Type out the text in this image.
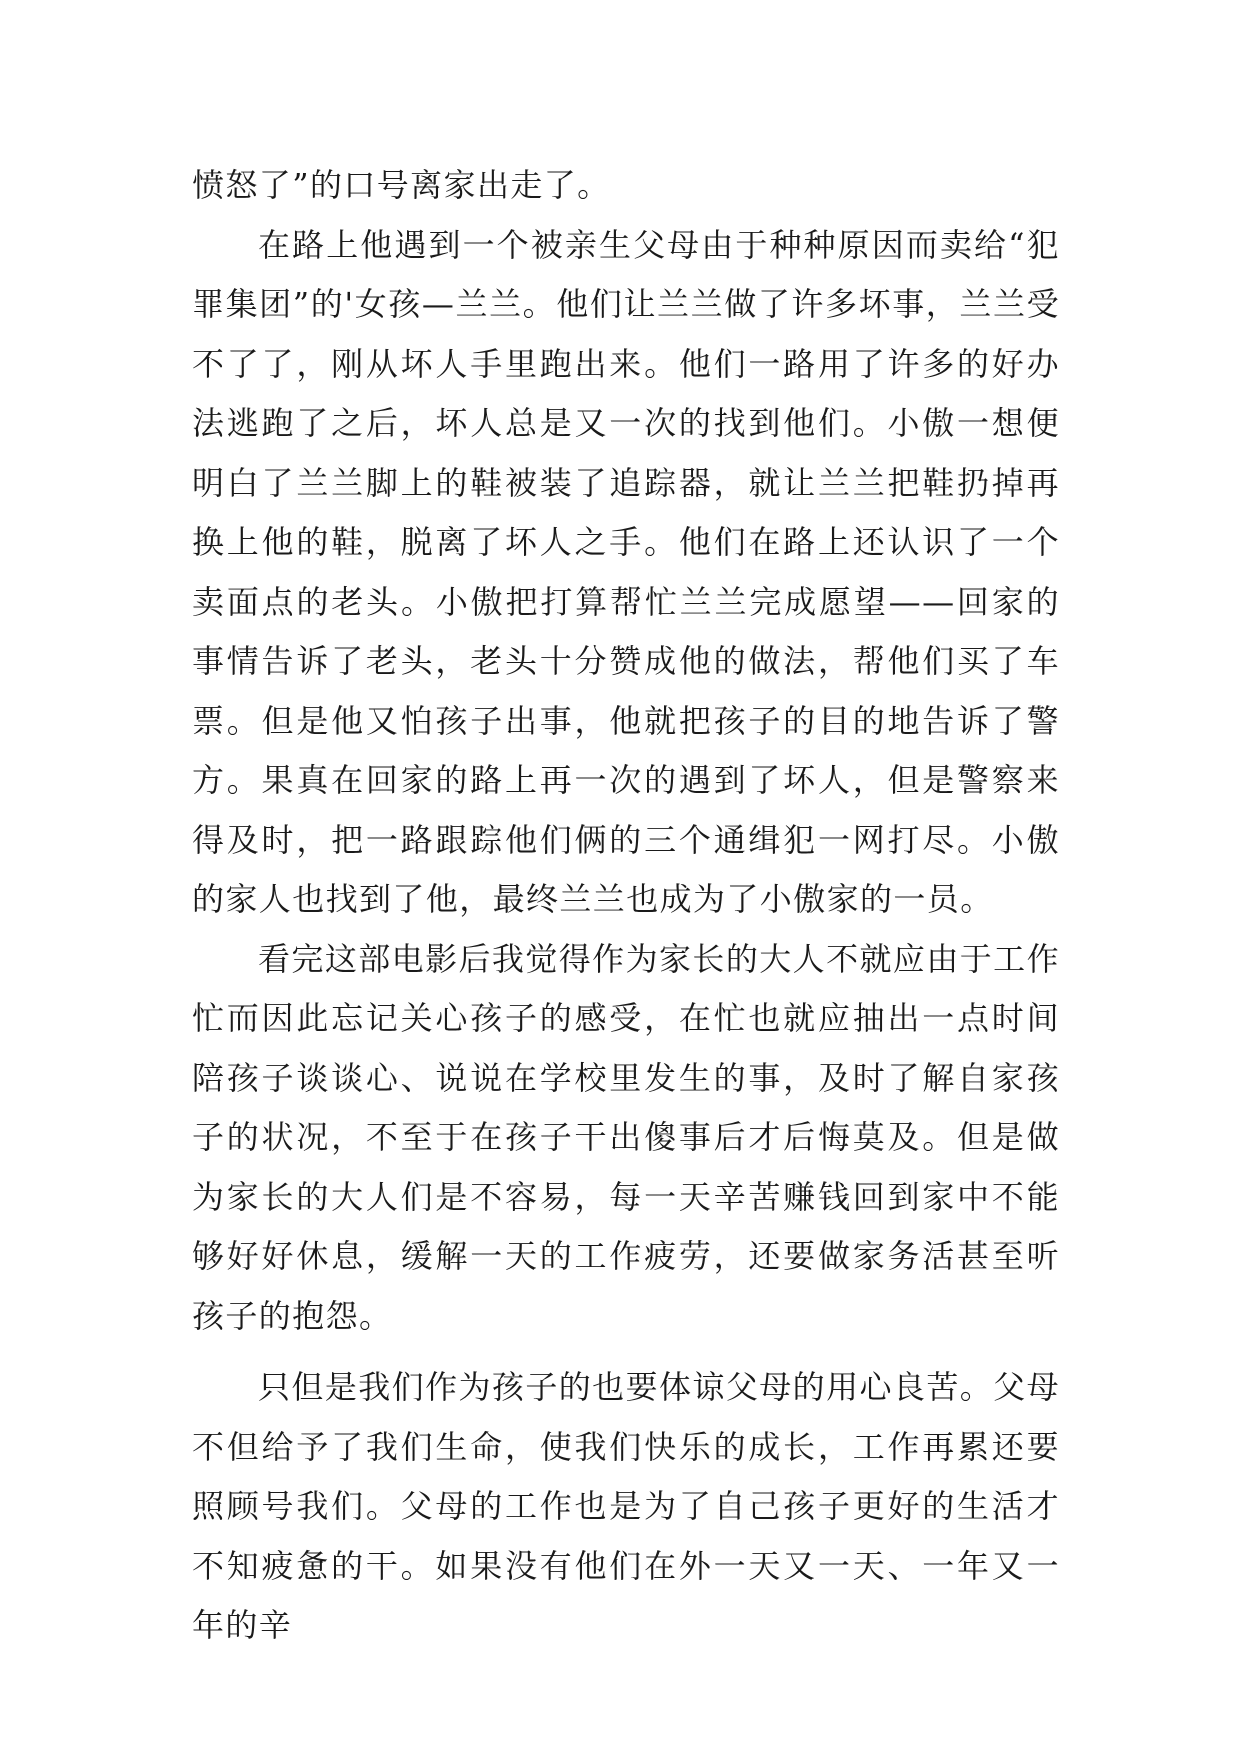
愤怒了”的口号离家出走了。

在路上他遇到一个被亲生父母由于种种原因而卖给“犯罪集团”的'女孩—兰兰。他们让兰兰做了许多坏事，兰兰受不了了，刚从坏人手里跑出来。他们一路用了许多的好办法逃跑了之后，坏人总是又一次的找到他们。小傲一想便明白了兰兰脚上的鞋被装了追踪器，就让兰兰把鞋扔掉再换上他的鞋，脱离了坏人之手。他们在路上还认识了一个卖面点的老头。小傲把打算帮忙兰兰完成愿望——回家的事情告诉了老头，老头十分赞成他的做法，帮他们买了车票。但是他又怕孩子出事，他就把孩子的目的地告诉了警方。果真在回家的路上再一次的遇到了坏人，但是警察来得及时，把一路跟踪他们俩的三个通缉犯一网打尽。小傲的家人也找到了他，最终兰兰也成为了小傲家的一员。

看完这部电影后我觉得作为家长的大人不就应由于工作忙而因此忘记关心孩子的感受，在忙也就应抽出一点时间陪孩子谈谈心、说说在学校里发生的事，及时了解自家孩子的状况，不至于在孩子干出傻事后才后悔莫及。但是做为家长的大人们是不容易，每一天辛苦赚钱回到家中不能够好好休息，缓解一天的工作疲劳，还要做家务活甚至听孩子的抱怨。

只但是我们作为孩子的也要体谅父母的用心良苦。父母不但给予了我们生命，使我们快乐的成长，工作再累还要照顾号我们。父母的工作也是为了自己孩子更好的生活才不知疲惫的干。如果没有他们在外一天又一天、一年又一年的辛
